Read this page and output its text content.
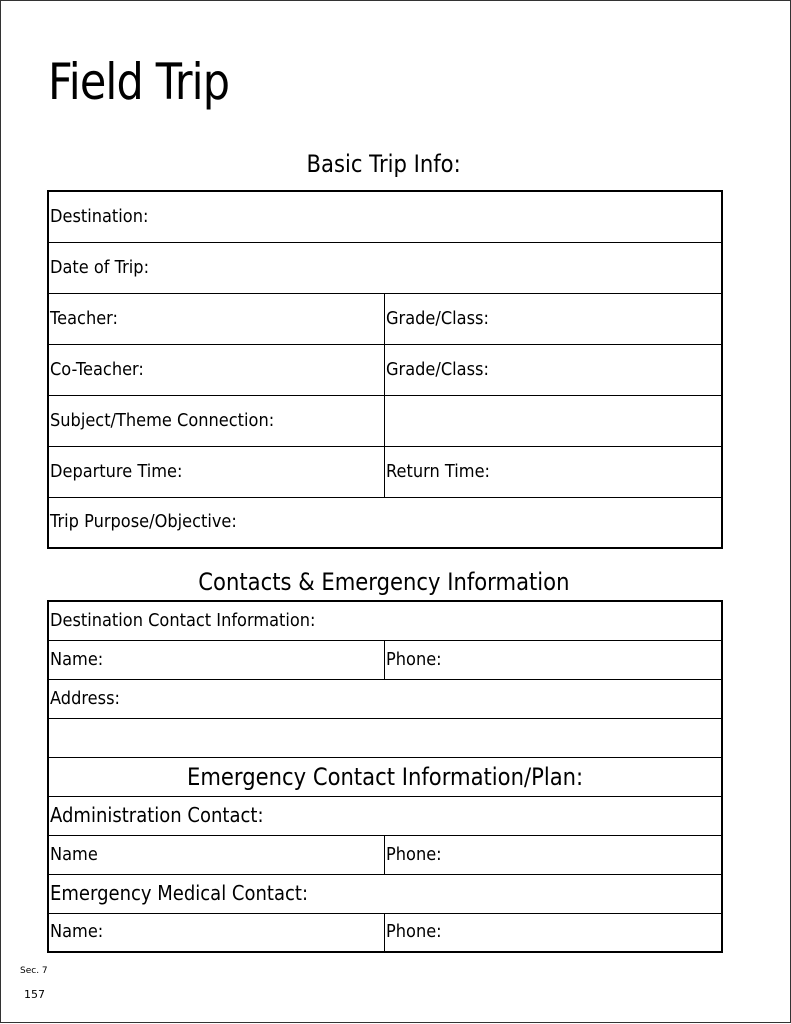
Field Trip
Basic Trip Info:
Destination:	
Date of Trip:	
Teacher:	Grade/Class:
Co-Teacher:	Grade/Class:
Subject/Theme Connection:	
Departure Time:	Return Time:
Trip Purpose/Objective:	
Contacts & Emergency Information
Destination Contact Information:	
Name:	Phone:
Address:	

Emergency Contact Information/Plan:	
Administration Contact:	
Name	Phone:
Emergency Medical Contact:	
Name:	Phone:
Sec. 7
157
